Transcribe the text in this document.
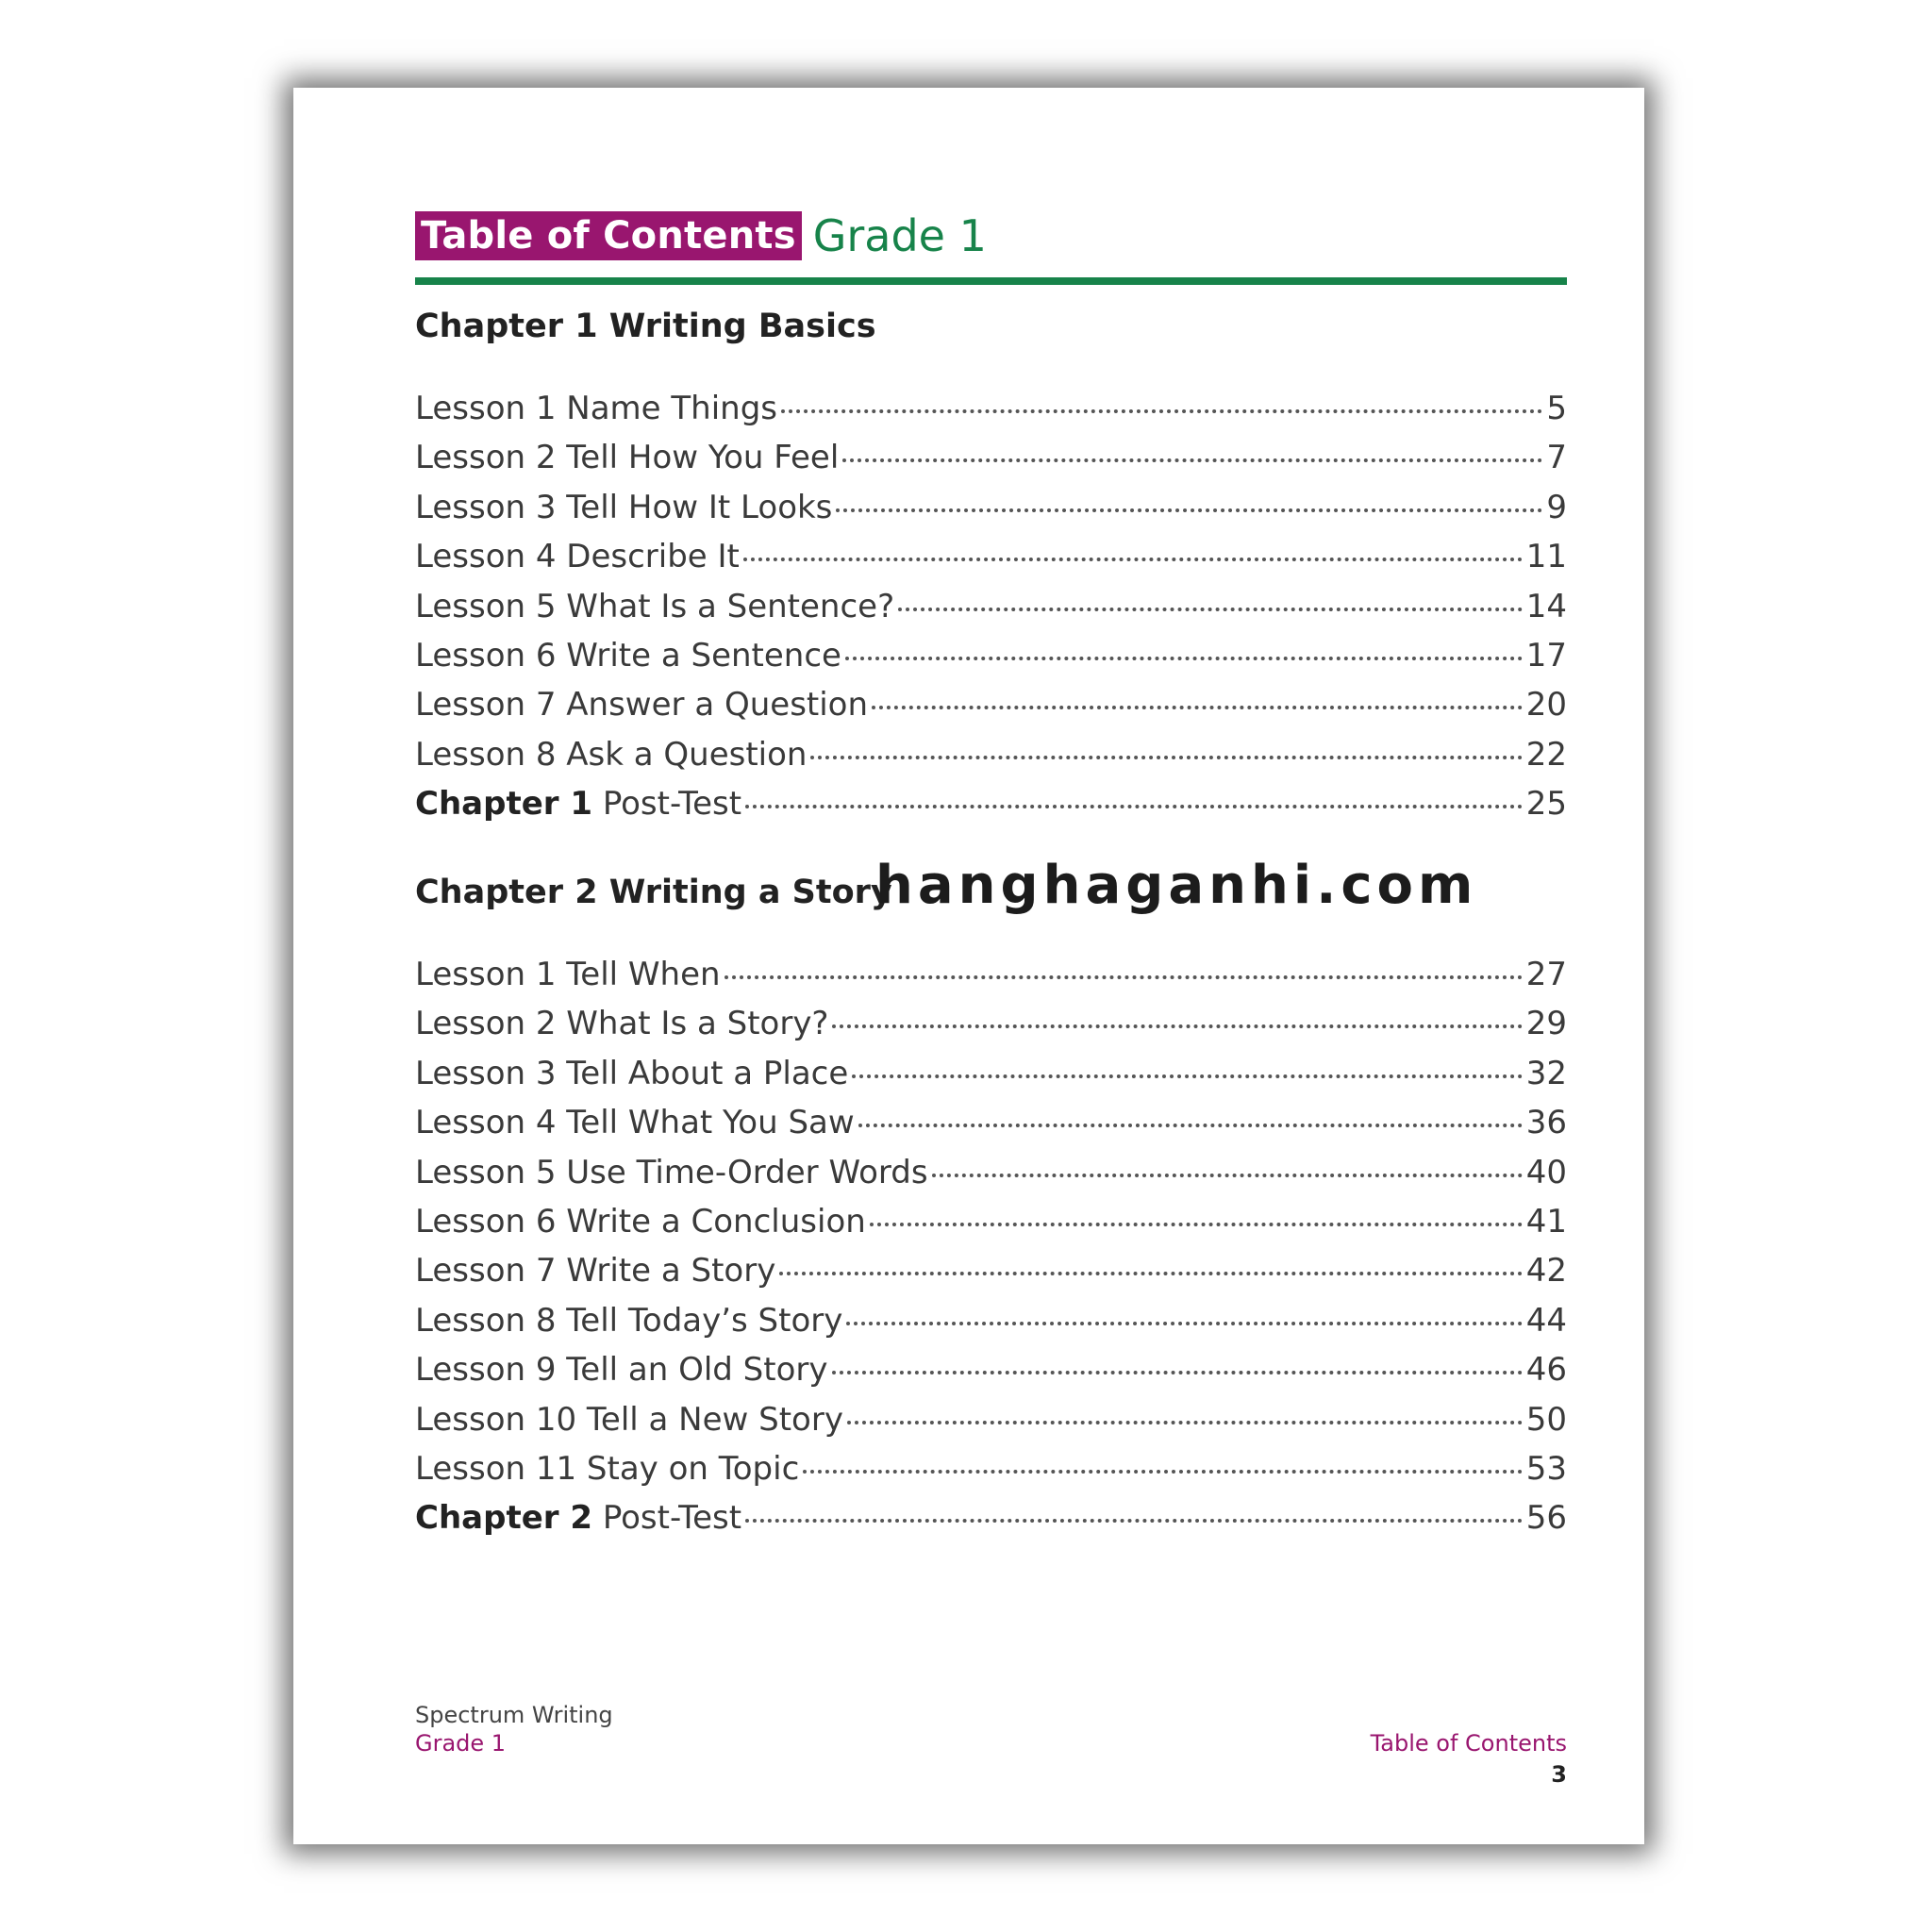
Table of Contents Grade 1
Chapter 1 Writing Basics
Lesson 1 Name Things	5
Lesson 2 Tell How You Feel	7
Lesson 3 Tell How It Looks	9
Lesson 4 Describe It	11
Lesson 5 What Is a Sentence?	14
Lesson 6 Write a Sentence	17
Lesson 7 Answer a Question	20
Lesson 8 Ask a Question	22
Chapter 1 Post-Test	25
Chapter 2 Writing a Story
Lesson 1 Tell When	27
Lesson 2 What Is a Story?	29
Lesson 3 Tell About a Place	32
Lesson 4 Tell What You Saw	36
Lesson 5 Use Time-Order Words	40
Lesson 6 Write a Conclusion	41
Lesson 7 Write a Story	42
Lesson 8 Tell Today’s Story	44
Lesson 9 Tell an Old Story	46
Lesson 10 Tell a New Story	50
Lesson 11 Stay on Topic	53
Chapter 2 Post-Test	56
Spectrum Writing
Grade 1	Table of Contents
3
hanghaganhi.com
